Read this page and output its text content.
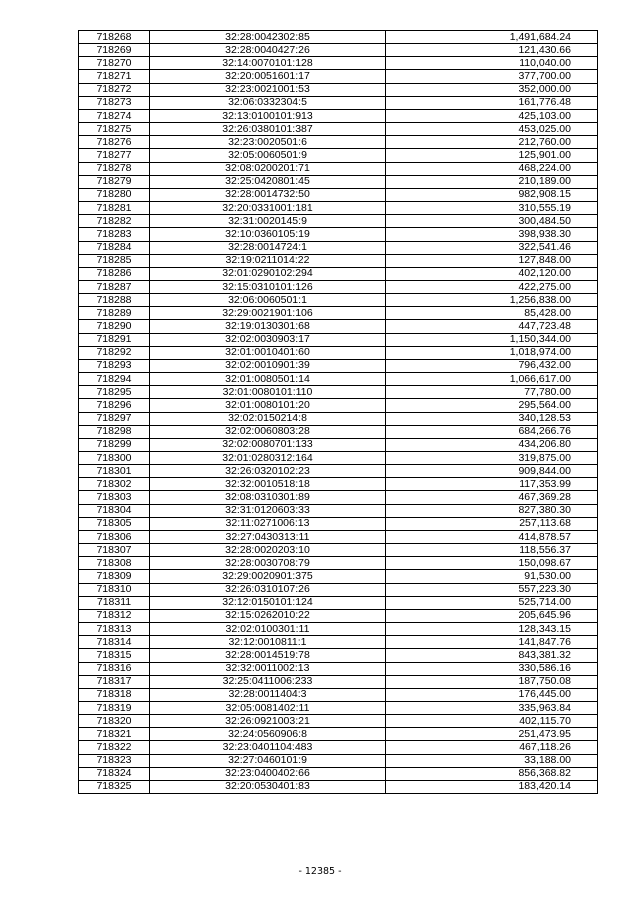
718268	32:28:0042302:85	1,491,684.24
718269	32:28:0040427:26	121,430.66
718270	32:14:0070101:128	110,040.00
718271	32:20:0051601:17	377,700.00
718272	32:23:0021001:53	352,000.00
718273	32:06:0332304:5	161,776.48
718274	32:13:0100101:913	425,103.00
718275	32:26:0380101:387	453,025.00
718276	32:23:0020501:6	212,760.00
718277	32:05:0060501:9	125,901.00
718278	32:08:0200201:71	468,224.00
718279	32:25:0420801:45	210,189.00
718280	32:28:0014732:50	982,908.15
718281	32:20:0331001:181	310,555.19
718282	32:31:0020145:9	300,484.50
718283	32:10:0360105:19	398,938.30
718284	32:28:0014724:1	322,541.46
718285	32:19:0211014:22	127,848.00
718286	32:01:0290102:294	402,120.00
718287	32:15:0310101:126	422,275.00
718288	32:06:0060501:1	1,256,838.00
718289	32:29:0021901:106	85,428.00
718290	32:19:0130301:68	447,723.48
718291	32:02:0030903:17	1,150,344.00
718292	32:01:0010401:60	1,018,974.00
718293	32:02:0010901:39	796,432.00
718294	32:01:0080501:14	1,066,617.00
718295	32:01:0080101:110	77,780.00
718296	32:01:0080101:20	295,564.00
718297	32:02:0150214:8	340,128.53
718298	32:02:0060803:28	684,266.76
718299	32:02:0080701:133	434,206.80
718300	32:01:0280312:164	319,875.00
718301	32:26:0320102:23	909,844.00
718302	32:32:0010518:18	117,353.99
718303	32:08:0310301:89	467,369.28
718304	32:31:0120603:33	827,380.30
718305	32:11:0271006:13	257,113.68
718306	32:27:0430313:11	414,878.57
718307	32:28:0020203:10	118,556.37
718308	32:28:0030708:79	150,098.67
718309	32:29:0020901:375	91,530.00
718310	32:26:0310107:26	557,223.30
718311	32:12:0150101:124	525,714.00
718312	32:15:0262010:22	205,645.96
718313	32:02:0100301:11	128,343.15
718314	32:12:0010811:1	141,847.76
718315	32:28:0014519:78	843,381.32
718316	32:32:0011002:13	330,586.16
718317	32:25:0411006:233	187,750.08
718318	32:28:0011404:3	176,445.00
718319	32:05:0081402:11	335,963.84
718320	32:26:0921003:21	402,115.70
718321	32:24:0560906:8	251,473.95
718322	32:23:0401104:483	467,118.26
718323	32:27:0460101:9	33,188.00
718324	32:23:0400402:66	856,368.82
718325	32:20:0530401:83	183,420.14
- 12385 -
